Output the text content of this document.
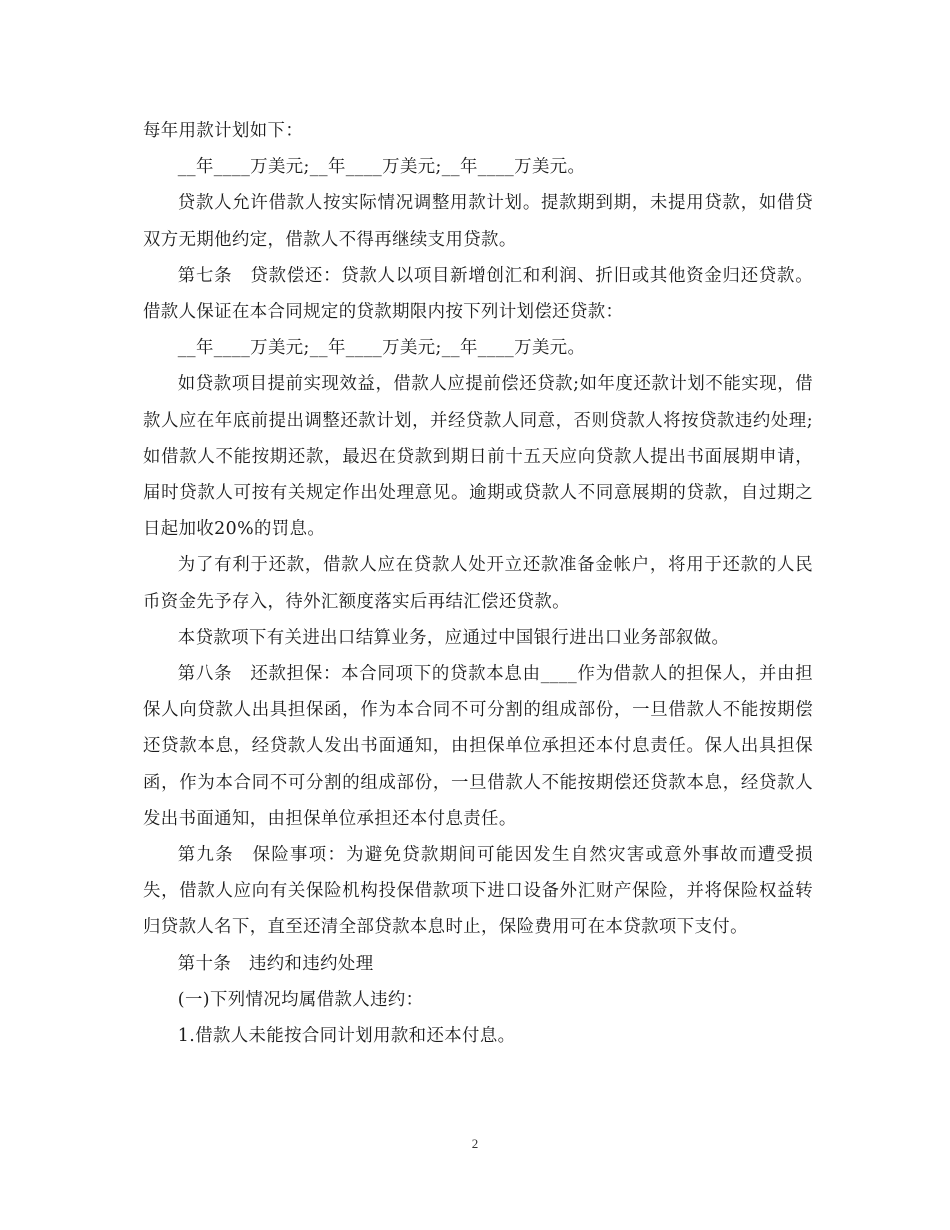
每年用款计划如下：

__年____万美元;__年____万美元;__年____万美元。

贷款人允许借款人按实际情况调整用款计划。提款期到期，未提用贷款，如借贷双方无期他约定，借款人不得再继续支用贷款。

第七条　贷款偿还：贷款人以项目新增创汇和利润、折旧或其他资金归还贷款。借款人保证在本合同规定的贷款期限内按下列计划偿还贷款：

__年____万美元;__年____万美元;__年____万美元。

如贷款项目提前实现效益，借款人应提前偿还贷款;如年度还款计划不能实现，借款人应在年底前提出调整还款计划，并经贷款人同意，否则贷款人将按贷款违约处理;如借款人不能按期还款，最迟在贷款到期日前十五天应向贷款人提出书面展期申请，届时贷款人可按有关规定作出处理意见。逾期或贷款人不同意展期的贷款，自过期之日起加收20%的罚息。

为了有利于还款，借款人应在贷款人处开立还款准备金帐户，将用于还款的人民币资金先予存入，待外汇额度落实后再结汇偿还贷款。

本贷款项下有关进出口结算业务，应通过中国银行进出口业务部叙做。

第八条　还款担保：本合同项下的贷款本息由____作为借款人的担保人，并由担保人向贷款人出具担保函，作为本合同不可分割的组成部份，一旦借款人不能按期偿还贷款本息，经贷款人发出书面通知，由担保单位承担还本付息责任。保人出具担保函，作为本合同不可分割的组成部份，一旦借款人不能按期偿还贷款本息，经贷款人发出书面通知，由担保单位承担还本付息责任。

第九条　保险事项：为避免贷款期间可能因发生自然灾害或意外事故而遭受损失，借款人应向有关保险机构投保借款项下进口设备外汇财产保险，并将保险权益转归贷款人名下，直至还清全部贷款本息时止，保险费用可在本贷款项下支付。

第十条　违约和违约处理

(一)下列情况均属借款人违约：

1.借款人未能按合同计划用款和还本付息。

2
